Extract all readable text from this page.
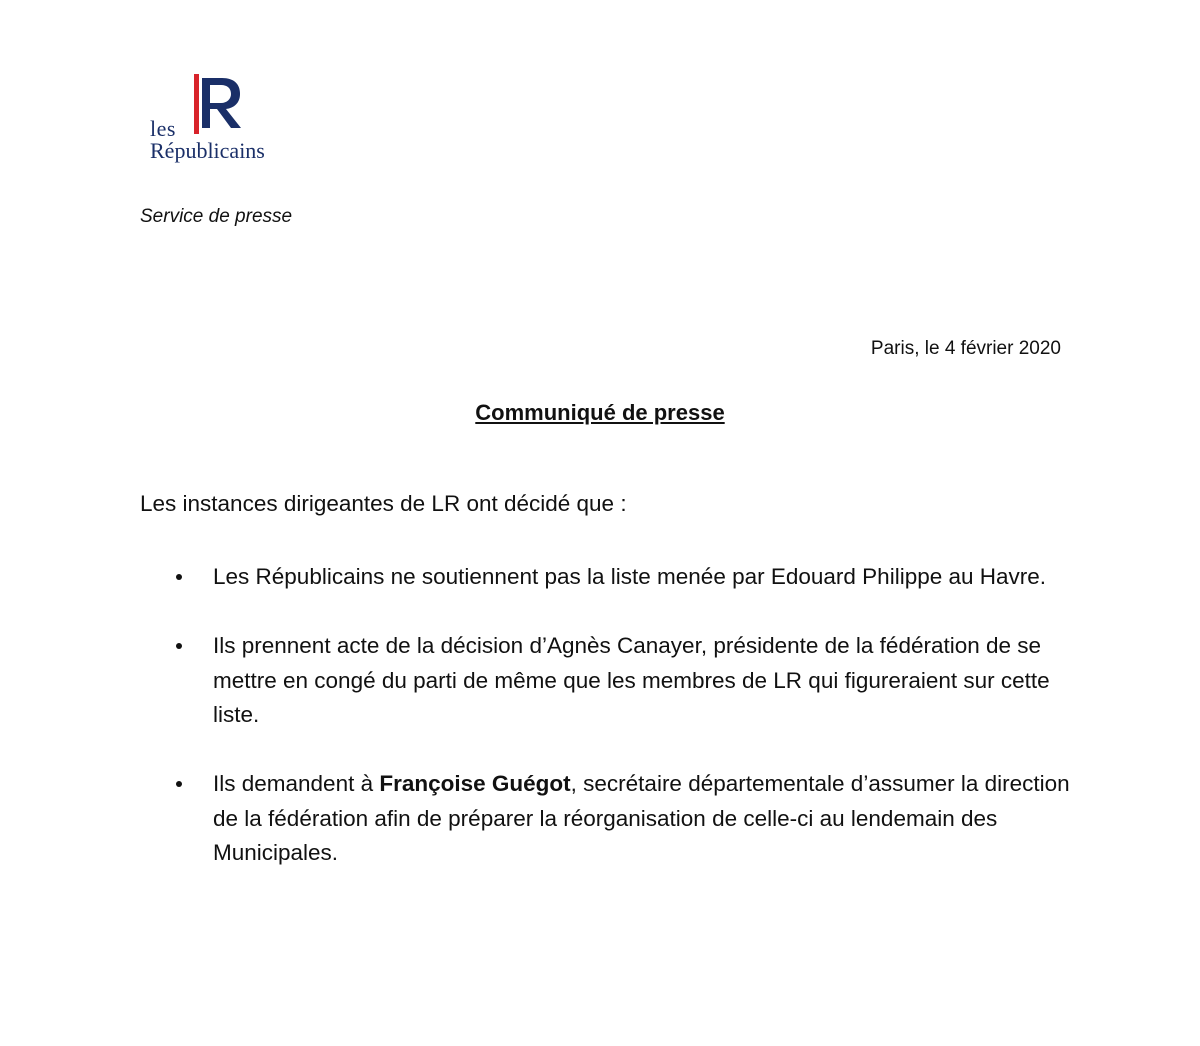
les
Républicains
Service de presse
Paris, le 4 février 2020
Communiqué de presse
Les instances dirigeantes de LR ont décidé que :
Les Républicains ne soutiennent pas la liste menée par Edouard Philippe au Havre.
Ils prennent acte de la décision d’Agnès Canayer, présidente de la fédération de se mettre en congé du parti de même que les membres de LR qui figureraient sur cette liste.
Ils demandent à Françoise Guégot, secrétaire départementale d’assumer la direction de la fédération afin de préparer la réorganisation de celle-ci au lendemain des Municipales.
